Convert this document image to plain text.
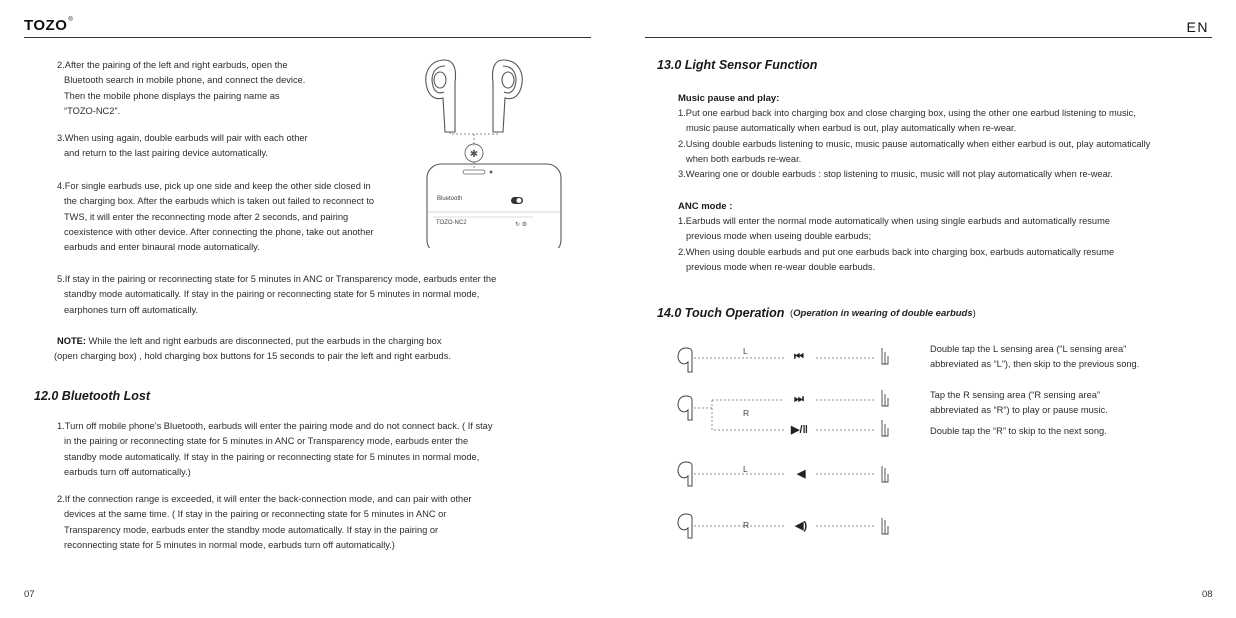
TOZO®	EN
2.After the pairing of the left and right earbuds, open the
Bluetooth search in mobile phone, and connect the device.
Then the mobile phone displays the pairing name as
“TOZO-NC2”.
3.When using again, double earbuds will pair with each other
and return to the last pairing device automatically.
4.For single earbuds use, pick up one side and keep the other side closed in
the charging box. After the earbuds which is taken out failed to reconnect to
TWS, it will enter the reconnecting mode after 2 seconds, and pairing
coexistence with other device. After connecting the phone, take out another
earbuds and enter binaural mode automatically.
✱
↻ ⚙
Bluetooth
TOZO-NC2
5.If stay in the pairing or reconnecting state for 5 minutes in ANC or Transparency mode, earbuds enter the
standby mode automatically. If stay in the pairing or reconnecting state for 5 minutes in normal mode,
earphones turn off automatically.
NOTE: While the left and right earbuds are disconnected, put the earbuds in the charging box
(open charging box) , hold charging box buttons for 15 seconds to pair the left and right earbuds.
12.0 Bluetooth Lost
1.Turn off mobile phone’s Bluetooth, earbuds will enter the pairing mode and do not connect back. ( If stay
in the pairing or reconnecting state for 5 minutes in ANC or Transparency mode, earbuds enter the
standby mode automatically. If stay in the pairing or reconnecting state for 5 minutes in normal mode,
earbuds turn off automatically.)
2.If the connection range is exceeded, it will enter the back-connection mode, and can pair with other
devices at the same time. ( If stay in the pairing or reconnecting state for 5 minutes in ANC or
Transparency mode, earbuds enter the standby mode automatically. If stay in the pairing or
reconnecting state for 5 minutes in normal mode, earbuds turn off automatically.)
07
13.0 Light Sensor Function
Music pause and play:
1.Put one earbud back into charging box and close charging box, using the other one earbud listening to music,
music pause automatically when earbud is out, play automatically when re-wear.
2.Using double earbuds listening to music, music pause automatically when either earbud is out, play automatically
when both earbuds re-wear.
3.Wearing one or double earbuds : stop listening to music, music will not play automatically when re-wear.
ANC mode :
1.Earbuds will enter the normal mode automatically when using single earbuds and automatically resume
previous mode when useing double earbuds;
2.When using double earbuds and put one earbuds back into charging box, earbuds automatically resume
previous mode when re-wear double earbuds.
14.0 Touch Operation (Operation in wearing of double earbuds)
L
R
L
R
⏮
⏭
▶/‖
◀
◀)
Double tap the L sensing area (“L sensing area”
abbreviated as “L”), then skip to the previous song.
Tap the R sensing area (“R sensing area”
abbreviated as “R”) to play or pause music.
Double tap the “R” to skip to the next song.
08
